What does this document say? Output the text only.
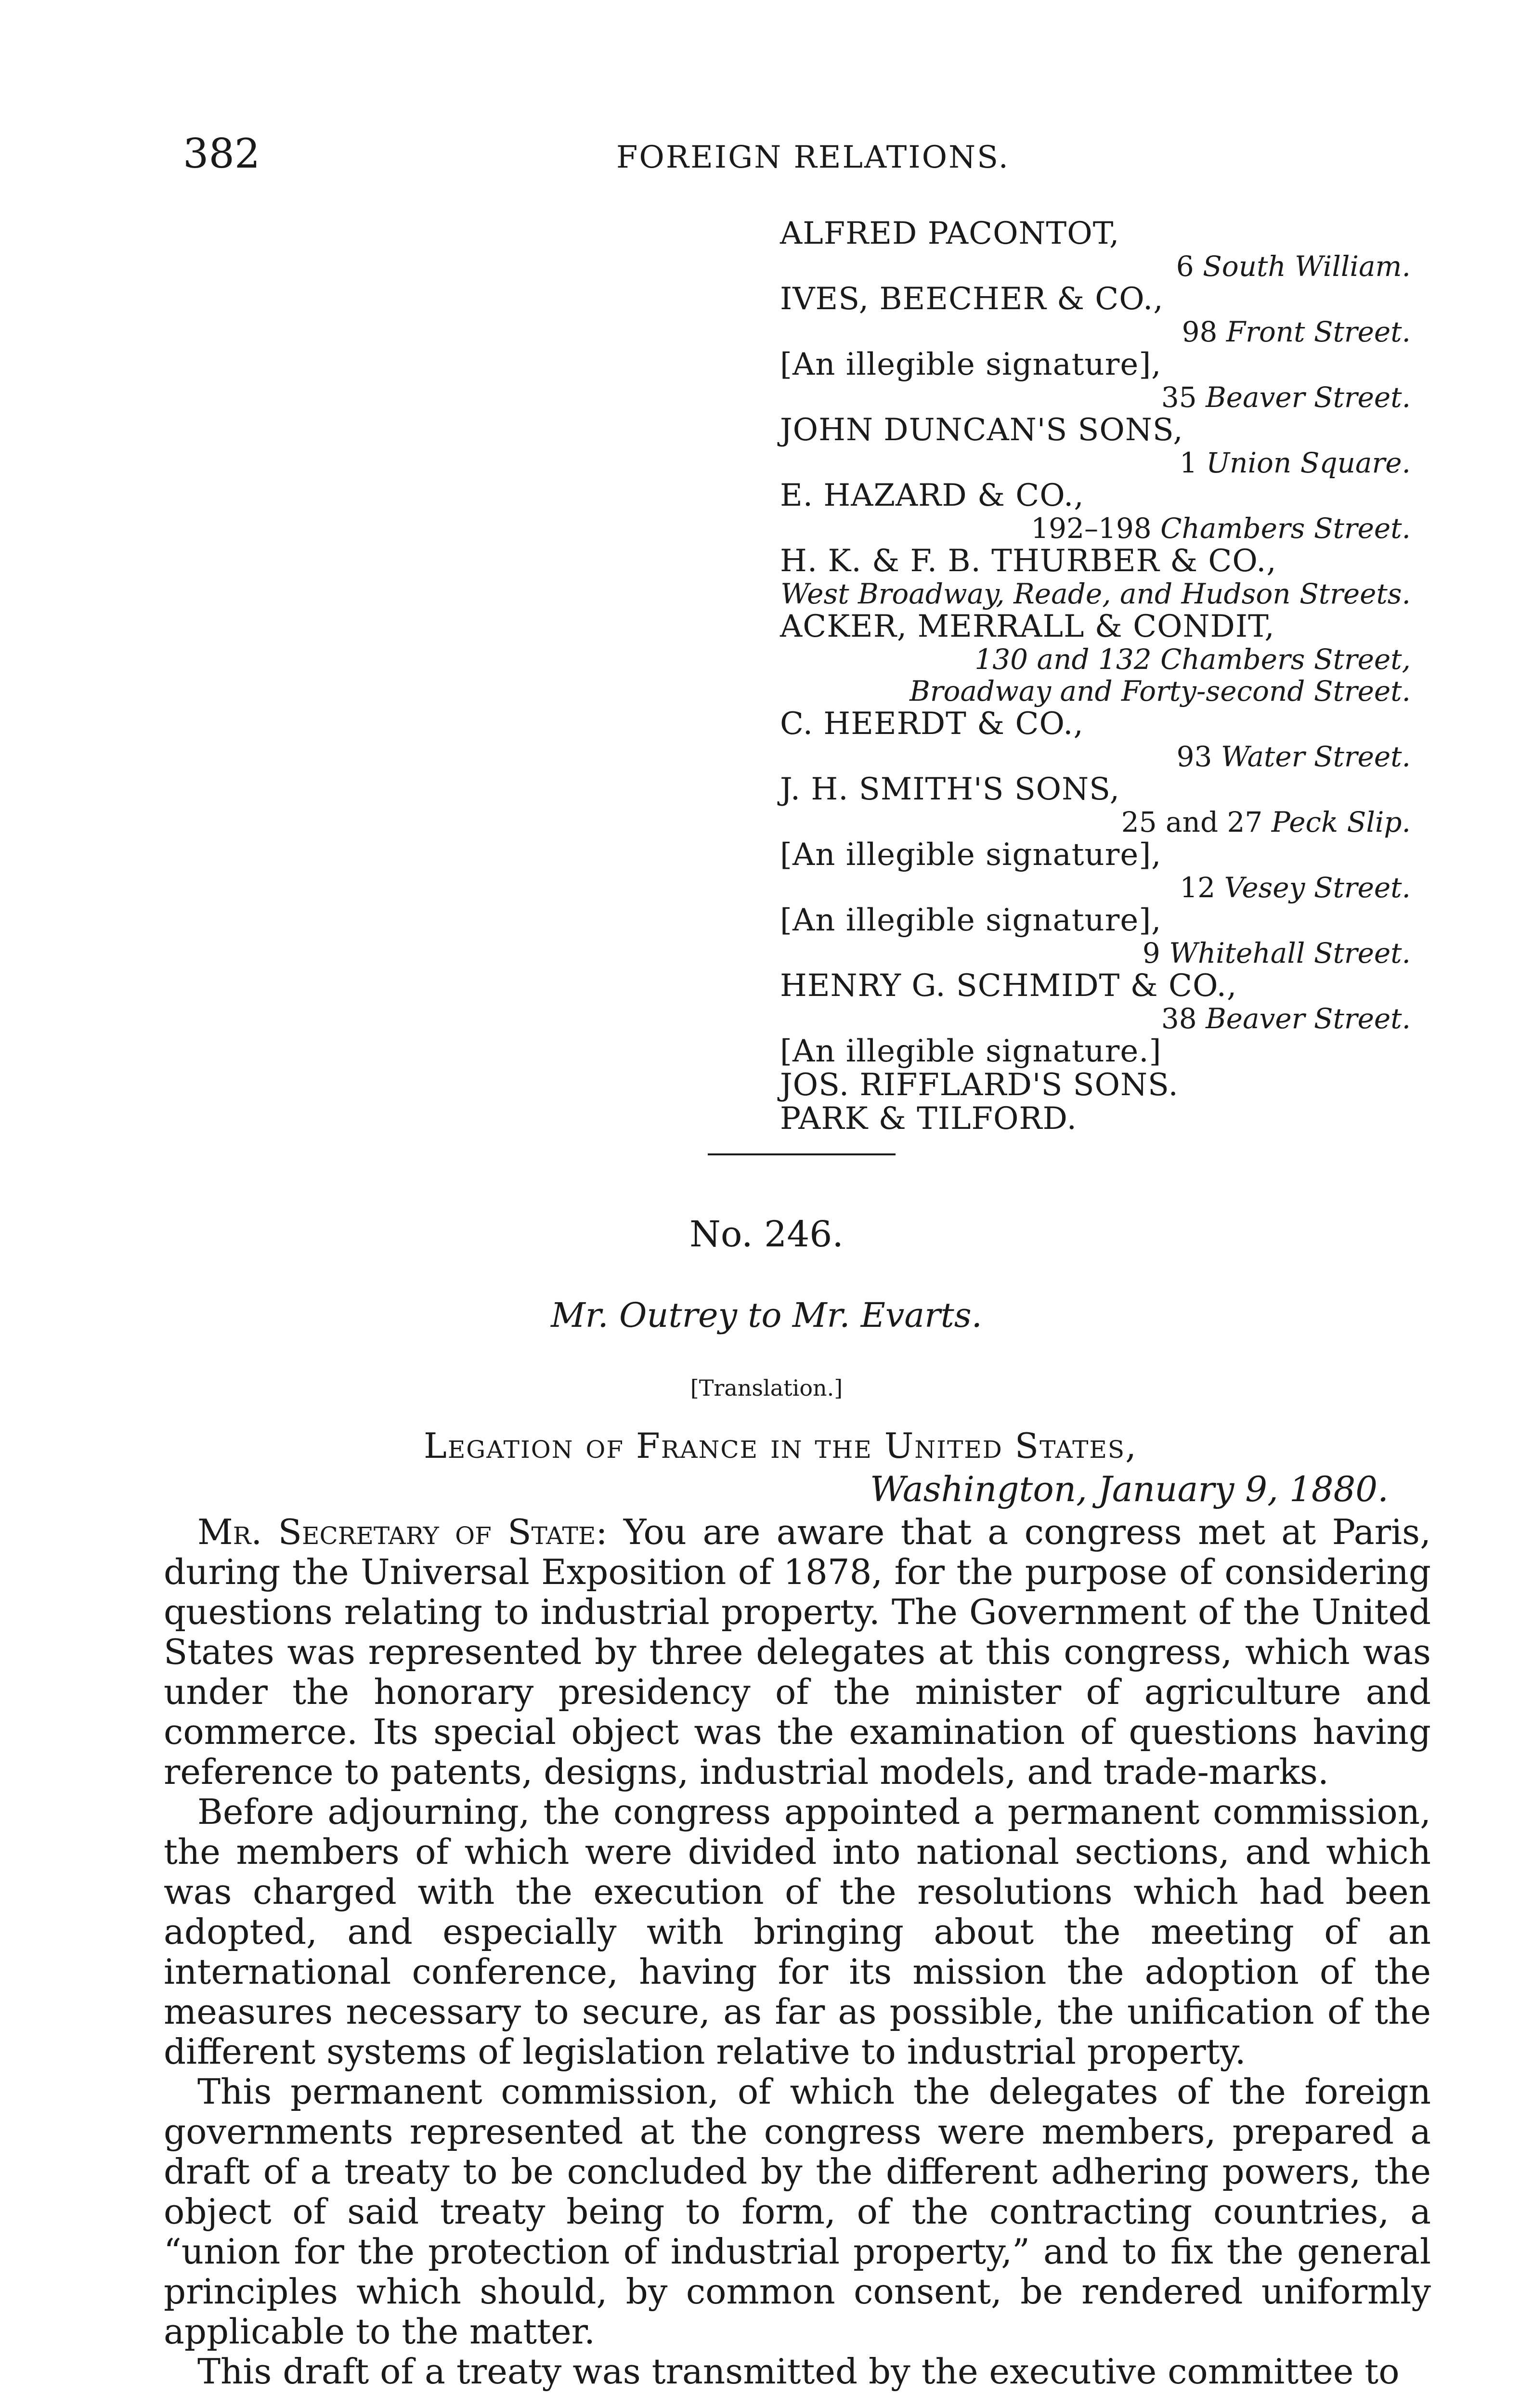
382	FOREIGN RELATIONS.
ALFRED PACONTOT,
6 South William.
IVES, BEECHER & CO.,
98 Front Street.
[An illegible signature],
35 Beaver Street.
JOHN DUNCAN'S SONS,
1 Union Square.
E. HAZARD & CO.,
192–198 Chambers Street.
H. K. & F. B. THURBER & CO.,
West Broadway, Reade, and Hudson Streets.
ACKER, MERRALL & CONDIT,
130 and 132 Chambers Street,
Broadway and Forty-second Street.
C. HEERDT & CO.,
93 Water Street.
J. H. SMITH'S SONS,
25 and 27 Peck Slip.
[An illegible signature],
12 Vesey Street.
[An illegible signature],
9 Whitehall Street.
HENRY G. SCHMIDT & CO.,
38 Beaver Street.
[An illegible signature.]
JOS. RIFFLARD'S SONS.
PARK & TILFORD.
No. 246.
Mr. Outrey to Mr. Evarts.
[Translation.]
Legation of France in the United States,
Washington, January 9, 1880.

Mr. Secretary of State: You are aware that a congress met at Paris, during the Universal Exposition of 1878, for the purpose of considering questions relating to industrial property. The Government of the United States was represented by three delegates at this congress, which was under the honorary presidency of the minister of agriculture and commerce. Its special object was the examination of questions having reference to patents, designs, industrial models, and trade-marks.

Before adjourning, the congress appointed a permanent commission, the members of which were divided into national sections, and which was charged with the execution of the resolutions which had been adopted, and especially with bringing about the meeting of an international conference, having for its mission the adoption of the measures necessary to secure, as far as possible, the unification of the different systems of legislation relative to industrial property.

This permanent commission, of which the delegates of the foreign governments represented at the congress were members, prepared a draft of a treaty to be concluded by the different adhering powers, the object of said treaty being to form, of the contracting countries, a “union for the protection of industrial property,” and to fix the general principles which should, by common consent, be rendered uniformly applicable to the matter.

This draft of a treaty was transmitted by the executive committee to
